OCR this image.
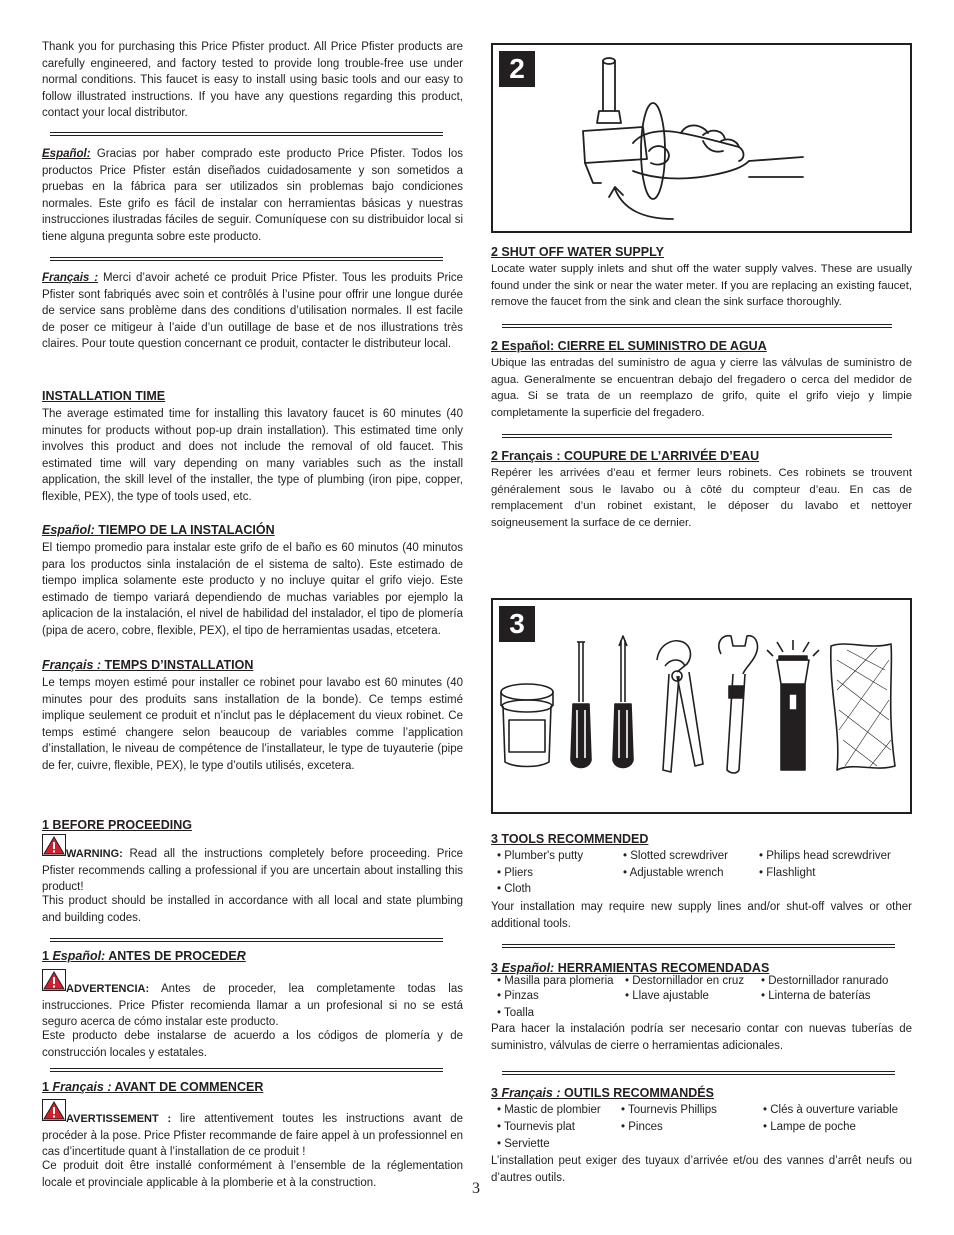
Thank you for purchasing this Price Pfister product. All Price Pfister products are carefully engineered, and factory tested to provide long trouble-free use under normal conditions. This faucet is easy to install using basic tools and our easy to follow illustrated instructions. If you have any questions regarding this product, contact your local distributor.

Español: Gracias por haber comprado este producto Price Pfister. Todos los productos Price Pfister están diseñados cuidadosamente y son sometidos a pruebas en la fábrica para ser utilizados sin problemas bajo condiciones normales. Este grifo es fácil de instalar con herramientas básicas y nuestras instrucciones ilustradas fáciles de seguir. Comuníquese con su distribuidor local si tiene alguna pregunta sobre este producto.

Français : Merci d’avoir acheté ce produit Price Pfister. Tous les produits Price Pfister sont fabriqués avec soin et contrôlés à l’usine pour offrir une longue durée de service sans problème dans des conditions d’utilisation normales. Il est facile de poser ce mitigeur à l’aide d’un outillage de base et de nos illustrations très claires. Pour toute question concernant ce produit, contacter le distributeur local.

INSTALLATION TIME

The average estimated time for installing this lavatory faucet is 60 minutes (40 minutes for products without pop-up drain installation). This estimated time only involves this product and does not include the removal of old faucet. This estimated time will vary depending on many variables such as the install application, the skill level of the installer, the type of plumbing (iron pipe, copper, flexible, PEX), the type of tools used, etc.

Español: TIEMPO DE LA INSTALACIÓN

El tiempo promedio para instalar este grifo de el baño es 60 minutos (40 minutos para los productos sinla instalación de el sistema de salto). Este estimado de tiempo implica solamente este producto y no incluye quitar el grifo viejo. Este estimado de tiempo variará dependiendo de muchas variables por ejemplo la aplicacion de la instalación, el nivel de habilidad del instalador, el tipo de plomería (pipa de acero, cobre, flexible, PEX), el tipo de herramientas usadas, etcetera.

Français : TEMPS D’INSTALLATION

Le temps moyen estimé pour installer ce robinet pour lavabo est 60 minutes (40 minutes pour des produits sans installation de la bonde). Ce temps estimé implique seulement ce produit et n’inclut pas le déplacement du vieux robinet. Ce temps estimé changere selon beaucoup de variables comme l’application d’installation, le niveau de compétence de l’installateur, le type de tuyauterie (pipe de fer, cuivre, flexible, PEX), le type d’outils utilisés, excetera.

1 BEFORE PROCEEDING

WARNING: Read all the instructions completely before proceeding. Price Pfister recommends calling a professional if you are uncertain about installing this product!

This product should be installed in accordance with all local and state plumbing and building codes.

1 Español: ANTES DE PROCEDER

ADVERTENCIA: Antes de proceder, lea completamente todas las instrucciones. Price Pfister recomienda llamar a un profesional si no se está seguro acerca de cómo instalar este producto.

Este producto debe instalarse de acuerdo a los códigos de plomería y de construcción locales y estatales.

1 Français : AVANT DE COMMENCER

AVERTISSEMENT : lire attentivement toutes les instructions avant de procéder à la pose. Price Pfister recommande de faire appel à un professionnel en cas d’incertitude quant à l’installation de ce produit !

Ce produit doit être installé conformément à l’ensemble de la réglementation locale et provinciale applicable à la plomberie et à la construction.

2
2 SHUT OFF WATER SUPPLY

Locate water supply inlets and shut off the water supply valves. These are usually found under the sink or near the water meter. If you are replacing an existing faucet, remove the faucet from the sink and clean the sink surface thoroughly.

2 Español: CIERRE EL SUMINISTRO DE AGUA

Ubique las entradas del suministro de agua y cierre las válvulas de suministro de agua. Generalmente se encuentran debajo del fregadero o cerca del medidor de agua. Si se trata de un reemplazo de grifo, quite el grifo viejo y limpie completamente la superficie del fregadero.

2 Français : COUPURE DE L’ARRIVÉE D’EAU

Repérer les arrivées d’eau et fermer leurs robinets. Ces robinets se trouvent généralement sous le lavabo ou à côté du compteur d’eau. En cas de remplacement d’un robinet existant, le déposer du lavabo et nettoyer soigneusement la surface de ce dernier.

3
3 TOOLS RECOMMENDED
• Plumber's putty	• Slotted screwdriver	• Philips head screwdriver
• Pliers	• Adjustable wrench	• Flashlight
• Cloth

Your installation may require new supply lines and/or shut-off valves or other additional tools.

3 Español: HERRAMIENTAS RECOMENDADAS
• Masilla para plomeria • Destornillador en cruz • Destornillador ranurado
• Pinzas	• Llave ajustable	• Linterna de baterías
• Toalla

Para hacer la instalación podría ser necesario contar con nuevas tuberías de suministro, válvulas de cierre o herramientas adicionales.

3 Français : OUTILS RECOMMANDÉS
• Mastic de plombier • Tournevis Phillips	• Clés à ouverture variable
• Tournevis plat	• Pinces	• Lampe de poche
• Serviette

L’installation peut exiger des tuyaux d’arrivée et/ou des vannes d’arrêt neufs ou d’autres outils.

3
